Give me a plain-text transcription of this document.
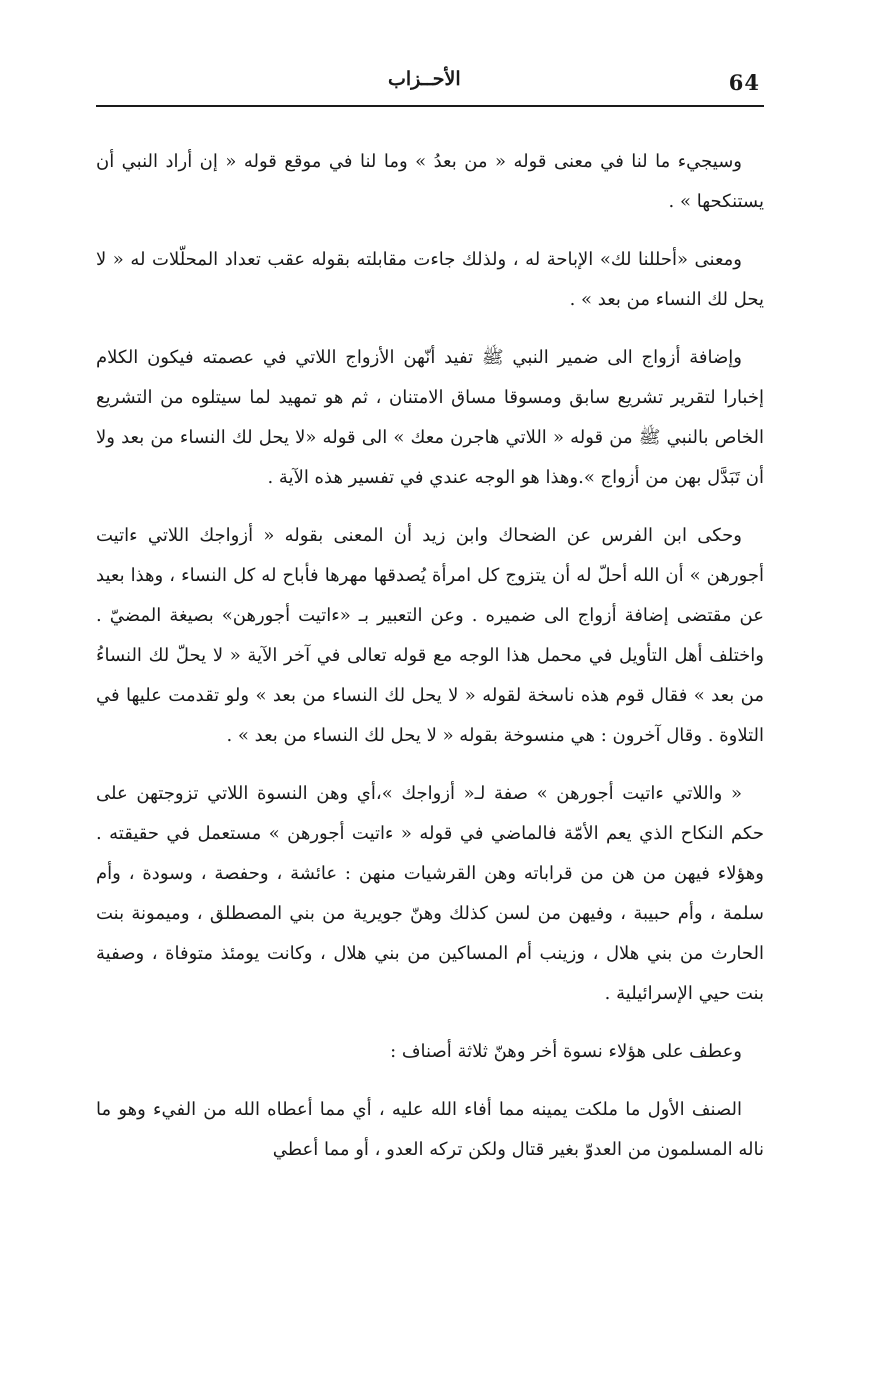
64
الأحــزاب

وسيجيء ما لنا في معنى قوله « من بعدُ » وما لنا في موقع قوله « إن أراد النبي أن يستنكحها » .

ومعنى «أحللنا لك» الإباحة له ، ولذلك جاءت مقابلته بقوله عقب تعداد المحلّلات له « لا يحل لك النساء من بعد » .

وإضافة أزواج الى ضمير النبي ﷺ تفيد أنّهن الأزواج اللاتي في عصمته فيكون الكلام إخبارا لتقرير تشريع سابق ومسوقا مساق الامتنان ، ثم هو تمهيد لما سيتلوه من التشريع الخاص بالنبي ﷺ من قوله « اللاتي هاجرن معك » الى قوله «لا يحل لك النساء من بعد ولا أن تَبَدَّل بهن من أزواج ».وهذا هو الوجه عندي في تفسير هذه الآية .

وحكى ابن الفرس عن الضحاك وابن زيد أن المعنى بقوله « أزواجك اللاتي ءاتيت أجورهن » أن الله أحلّ له أن يتزوج كل امرأة يُصدقها مهرها فأباح له كل النساء ، وهذا بعيد عن مقتضى إضافة أزواج الى ضميره . وعن التعبير بـ «ءاتيت أجورهن» بصيغة المضيّ . واختلف أهل التأويل في محمل هذا الوجه مع قوله تعالى في آخر الآية « لا يحلّ لك النساءُ من بعد » فقال قوم هذه ناسخة لقوله « لا يحل لك النساء من بعد » ولو تقدمت عليها في التلاوة . وقال آخرون : هي منسوخة بقوله « لا يحل لك النساء من بعد » .

« واللاتي ءاتيت أجورهن » صفة لـ« أزواجك »،أي وهن النسوة اللاتي تزوجتهن على حكم النكاح الذي يعم الأمّة فالماضي في قوله « ءاتيت أجورهن » مستعمل في حقيقته . وهؤلاء فيهن من هن من قراباته وهن القرشيات منهن : عائشة ، وحفصة ، وسودة ، وأم سلمة ، وأم حبيبة ، وفيهن من لسن كذلك وهنّ جويرية من بني المصطلق ، وميمونة بنت الحارث من بني هلال ، وزينب أم المساكين من بني هلال ، وكانت يومئذ متوفاة ، وصفية بنت حيي الإسرائيلية .

وعطف على هؤلاء نسوة أخر وهنّ ثلاثة أصناف :

الصنف الأول ما ملكت يمينه مما أفاء الله عليه ، أي مما أعطاه الله من الفيء وهو ما ناله المسلمون من العدوّ بغير قتال ولكن تركه العدو ، أو مما أعطي
